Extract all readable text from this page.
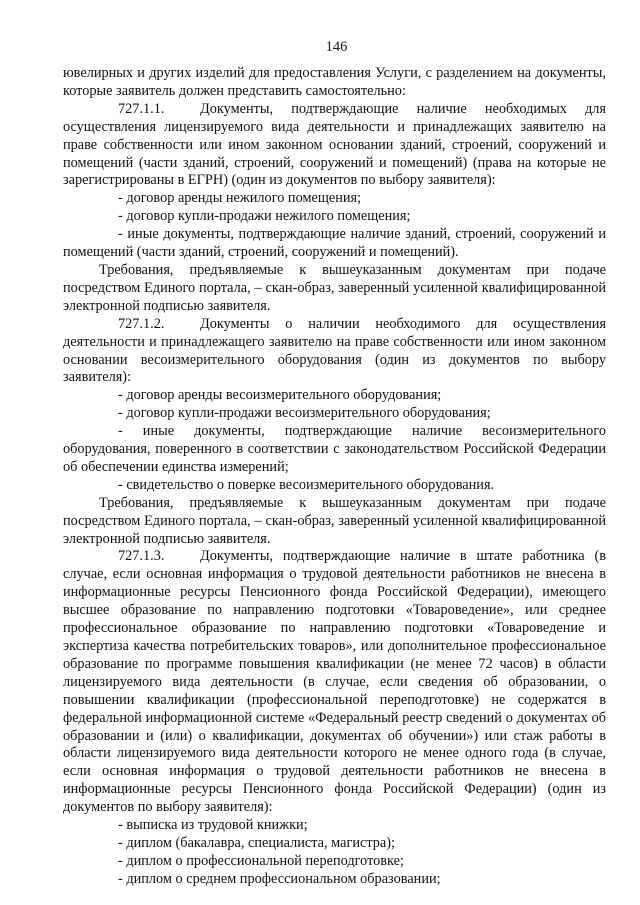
146

ювелирных и других изделий для предоставления Услуги, с разделением на документы, которые заявитель должен представить самостоятельно:

727.1.1. Документы, подтверждающие наличие необходимых для осуществления лицензируемого вида деятельности и принадлежащих заявителю на праве собственности или ином законном основании зданий, строений, сооружений и помещений (части зданий, строений, сооружений и помещений) (права на которые не зарегистрированы в ЕГРН) (один из документов по выбору заявителя):

- договор аренды нежилого помещения;

- договор купли-продажи нежилого помещения;

- иные документы, подтверждающие наличие зданий, строений, сооружений и помещений (части зданий, строений, сооружений и помещений).

Требования, предъявляемые к вышеуказанным документам при подаче посредством Единого портала, – скан-образ, заверенный усиленной квалифицированной электронной подписью заявителя.

727.1.2. Документы о наличии необходимого для осуществления деятельности и принадлежащего заявителю на праве собственности или ином законном основании весоизмерительного оборудования (один из документов по выбору заявителя):

- договор аренды весоизмерительного оборудования;

- договор купли-продажи весоизмерительного оборудования;

- иные документы, подтверждающие наличие весоизмерительного оборудования, поверенного в соответствии с законодательством Российской Федерации об обеспечении единства измерений;

- свидетельство о поверке весоизмерительного оборудования.

Требования, предъявляемые к вышеуказанным документам при подаче посредством Единого портала, – скан-образ, заверенный усиленной квалифицированной электронной подписью заявителя.

727.1.3. Документы, подтверждающие наличие в штате работника (в случае, если основная информация о трудовой деятельности работников не внесена в информационные ресурсы Пенсионного фонда Российской Федерации), имеющего высшее образование по направлению подготовки «Товароведение», или среднее профессиональное образование по направлению подготовки «Товароведение и экспертиза качества потребительских товаров», или дополнительное профессиональное образование по программе повышения квалификации (не менее 72 часов) в области лицензируемого вида деятельности (в случае, если сведения об образовании, о повышении квалификации (профессиональной переподготовке) не содержатся в федеральной информационной системе «Федеральный реестр сведений о документах об образовании и (или) о квалификации, документах об обучении») или стаж работы в области лицензируемого вида деятельности которого не менее одного года (в случае, если основная информация о трудовой деятельности работников не внесена в информационные ресурсы Пенсионного фонда Российской Федерации) (один из документов по выбору заявителя):

- выписка из трудовой книжки;

- диплом (бакалавра, специалиста, магистра);

- диплом о профессиональной переподготовке;

- диплом о среднем профессиональном образовании;
